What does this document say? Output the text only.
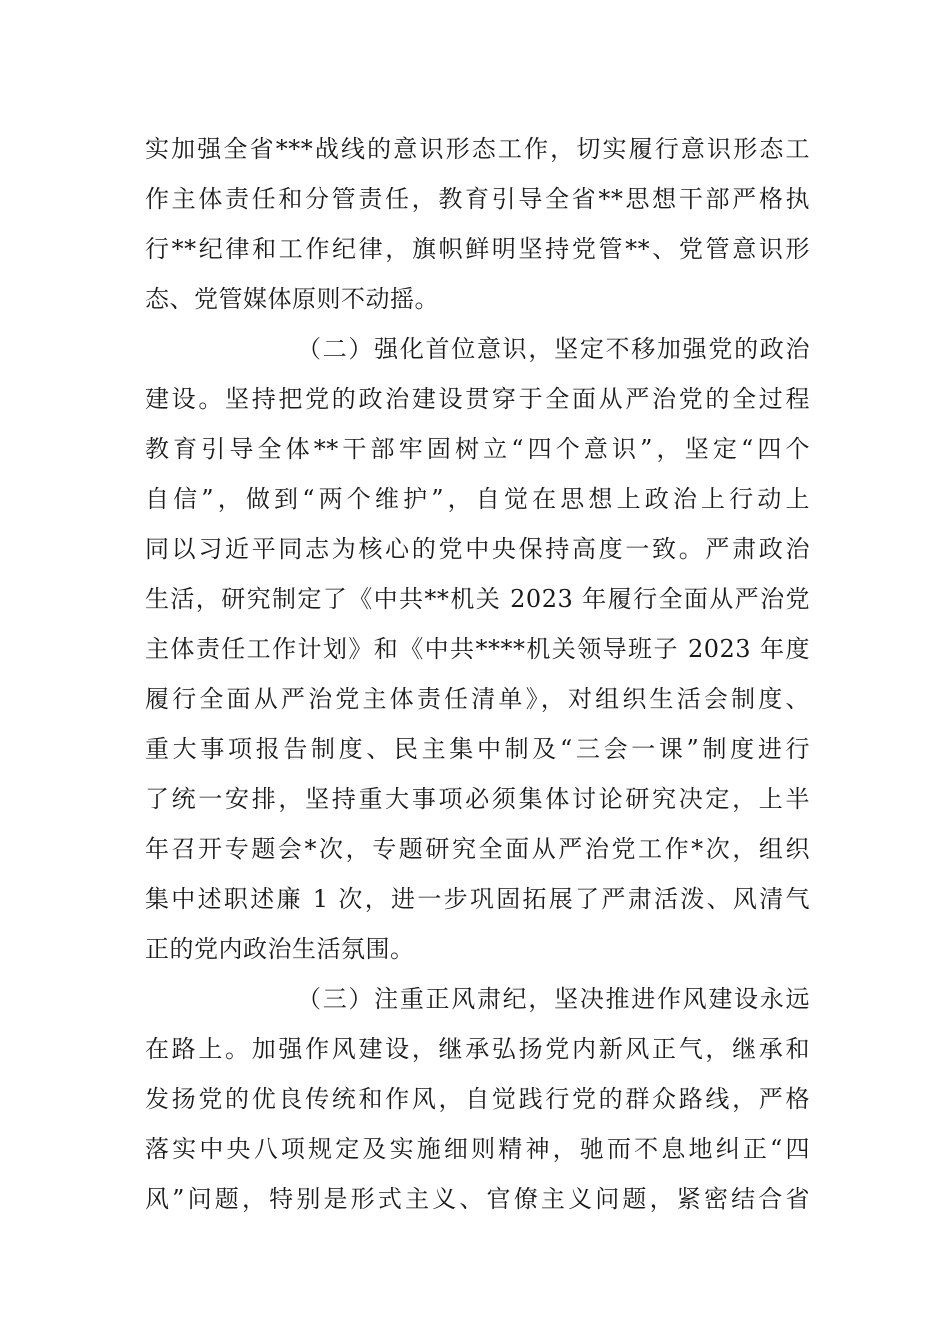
实加强全省***战线的意识形态工作，切实履行意识形态工
作主体责任和分管责任，教育引导全省**思想干部严格执
行**纪律和工作纪律，旗帜鲜明坚持党管**、党管意识形
态、党管媒体原则不动摇。
（二）强化首位意识，坚定不移加强党的政治
建设。坚持把党的政治建设贯穿于全面从严治党的全过程
教育引导全体**干部牢固树立“四个意识”，坚定“四个
自信”，做到“两个维护”，自觉在思想上政治上行动上
同以习近平同志为核心的党中央保持高度一致。严肃政治
生活，研究制定了《中共**机关 2023 年履行全面从严治党
主体责任工作计划》和《中共****机关领导班子 2023 年度
履行全面从严治党主体责任清单》，对组织生活会制度、
重大事项报告制度、民主集中制及“三会一课”制度进行
了统一安排，坚持重大事项必须集体讨论研究决定，上半
年召开专题会*次，专题研究全面从严治党工作*次，组织
集中述职述廉 1 次，进一步巩固拓展了严肃活泼、风清气
正的党内政治生活氛围。
（三）注重正风肃纪，坚决推进作风建设永远
在路上。加强作风建设，继承弘扬党内新风正气，继承和
发扬党的优良传统和作风，自觉践行党的群众路线，严格
落实中央八项规定及实施细则精神，驰而不息地纠正“四
风”问题，特别是形式主义、官僚主义问题，紧密结合省
